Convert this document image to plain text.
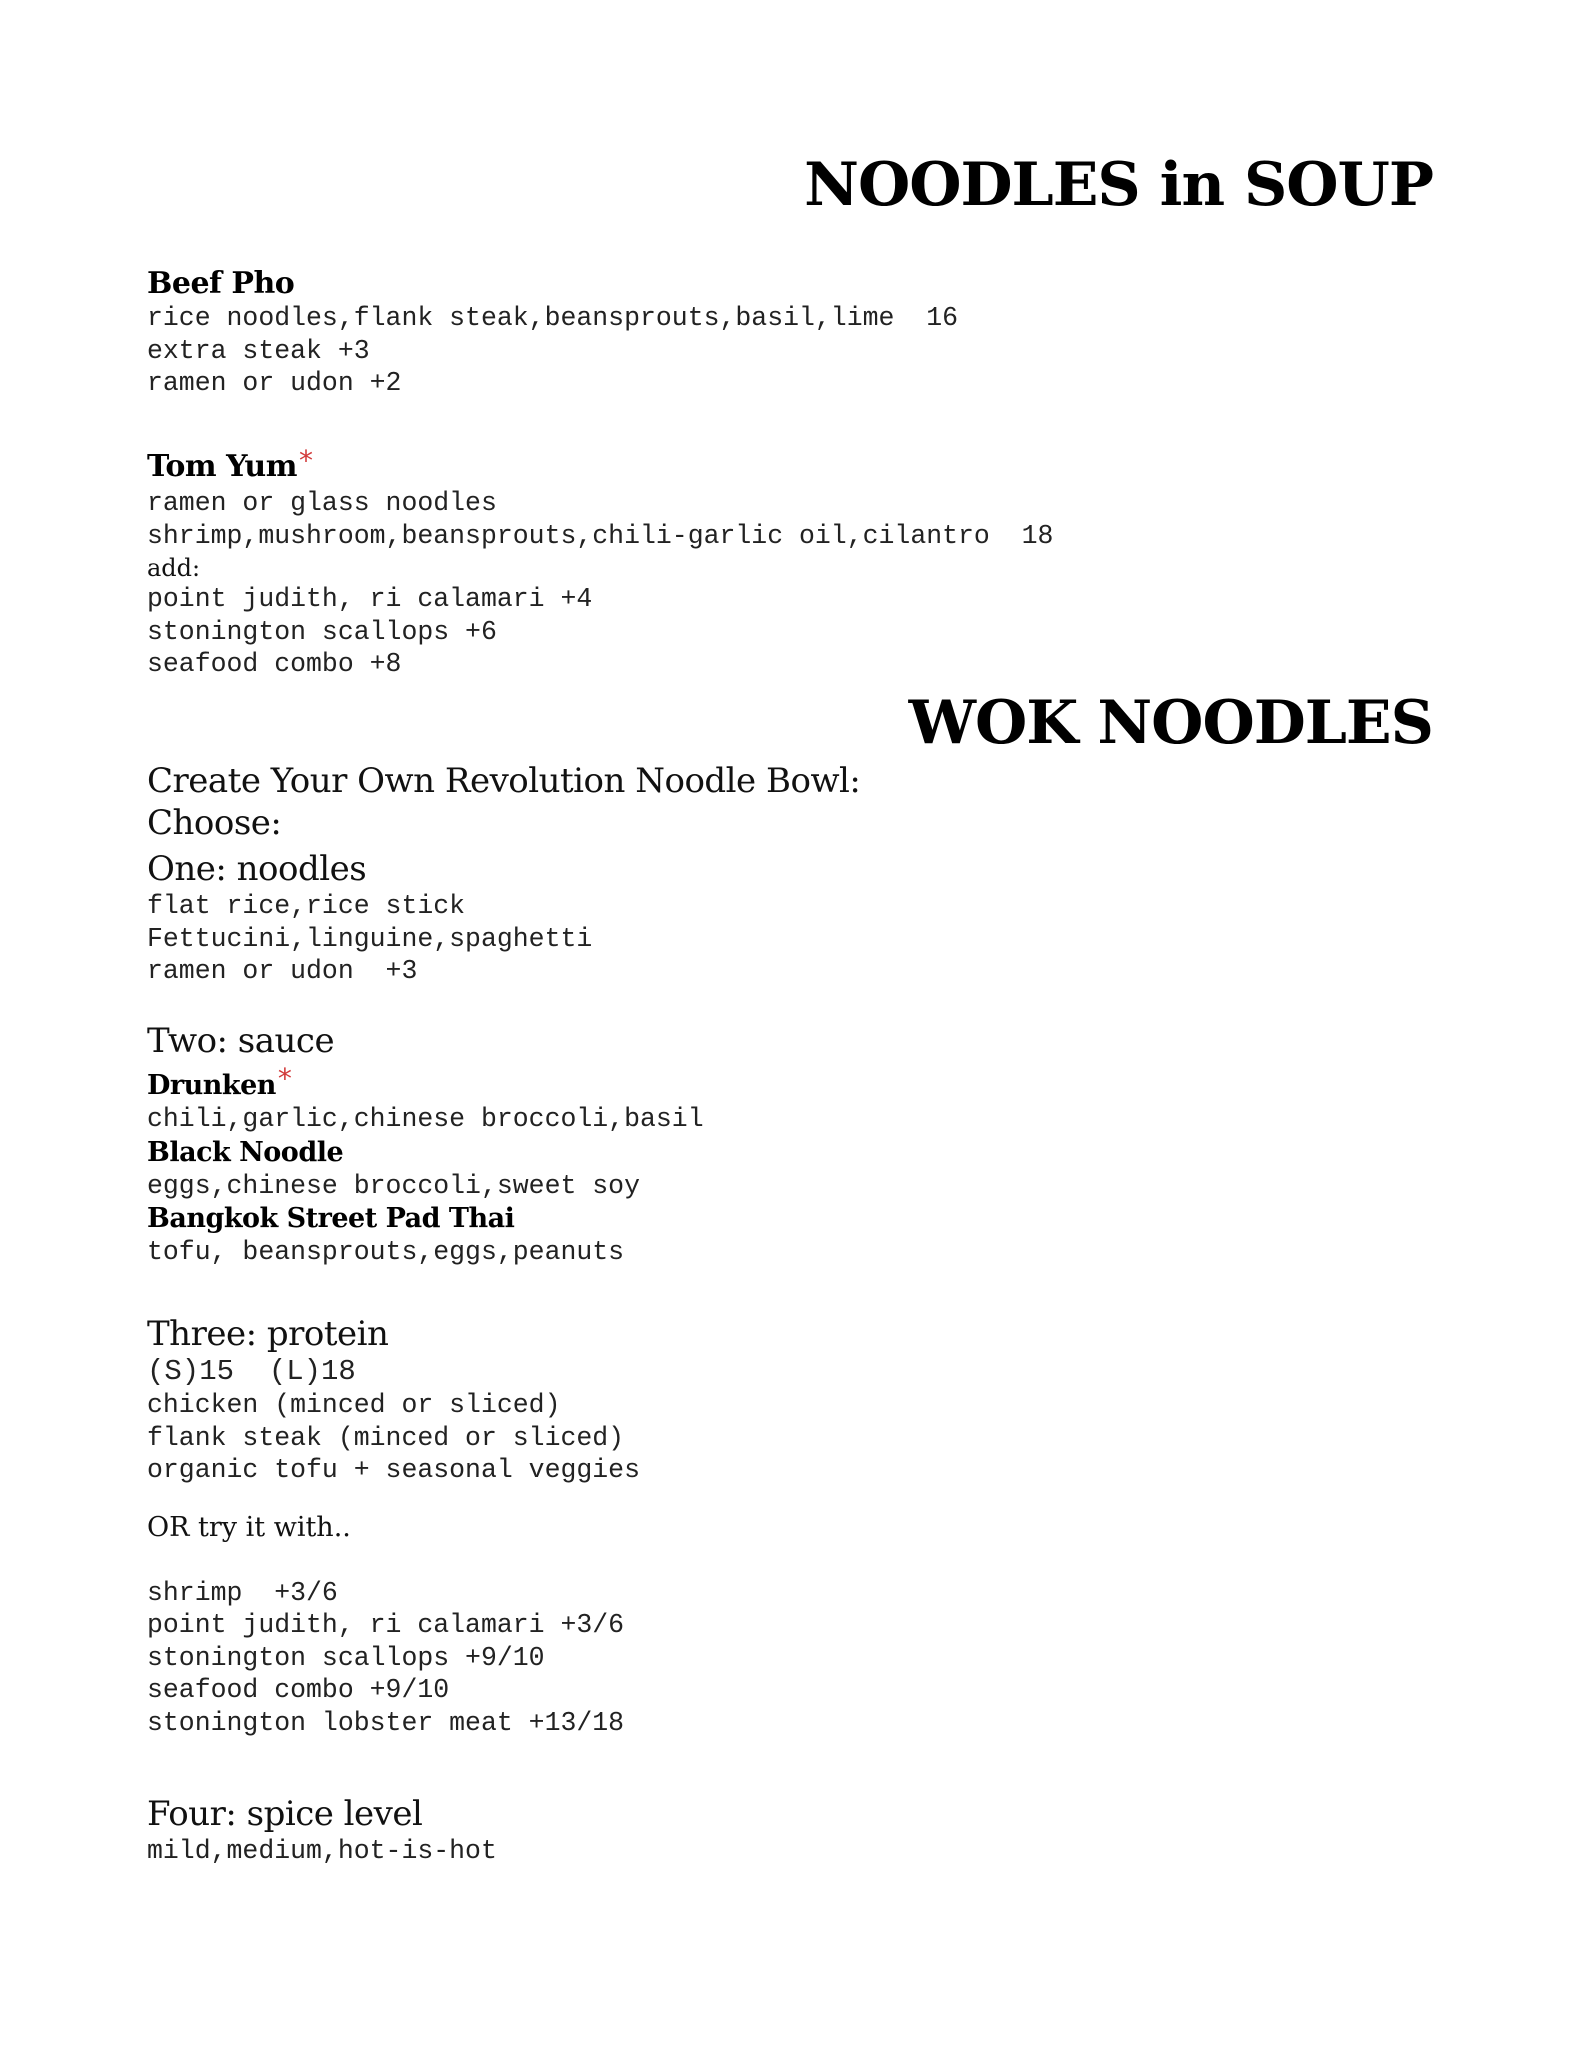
NOODLES in SOUP
Beef Pho
rice noodles,flank steak,beansprouts,basil,lime  16
extra steak +3
ramen or udon +2
Tom Yum*
ramen or glass noodles
shrimp,mushroom,beansprouts,chili-garlic oil,cilantro  18
add:
point judith, ri calamari +4
stonington scallops +6
seafood combo +8
WOK NOODLES
Create Your Own Revolution Noodle Bowl:
Choose:
One: noodles
flat rice,rice stick
Fettucini,linguine,spaghetti
ramen or udon  +3
Two: sauce
Drunken*
chili,garlic,chinese broccoli,basil
Black Noodle
eggs,chinese broccoli,sweet soy
Bangkok Street Pad Thai
tofu, beansprouts,eggs,peanuts
Three: protein
(S)15  (L)18
chicken (minced or sliced)
flank steak (minced or sliced)
organic tofu + seasonal veggies
OR try it with..
shrimp  +3/6
point judith, ri calamari +3/6
stonington scallops +9/10
seafood combo +9/10
stonington lobster meat +13/18
Four: spice level
mild,medium,hot-is-hot
